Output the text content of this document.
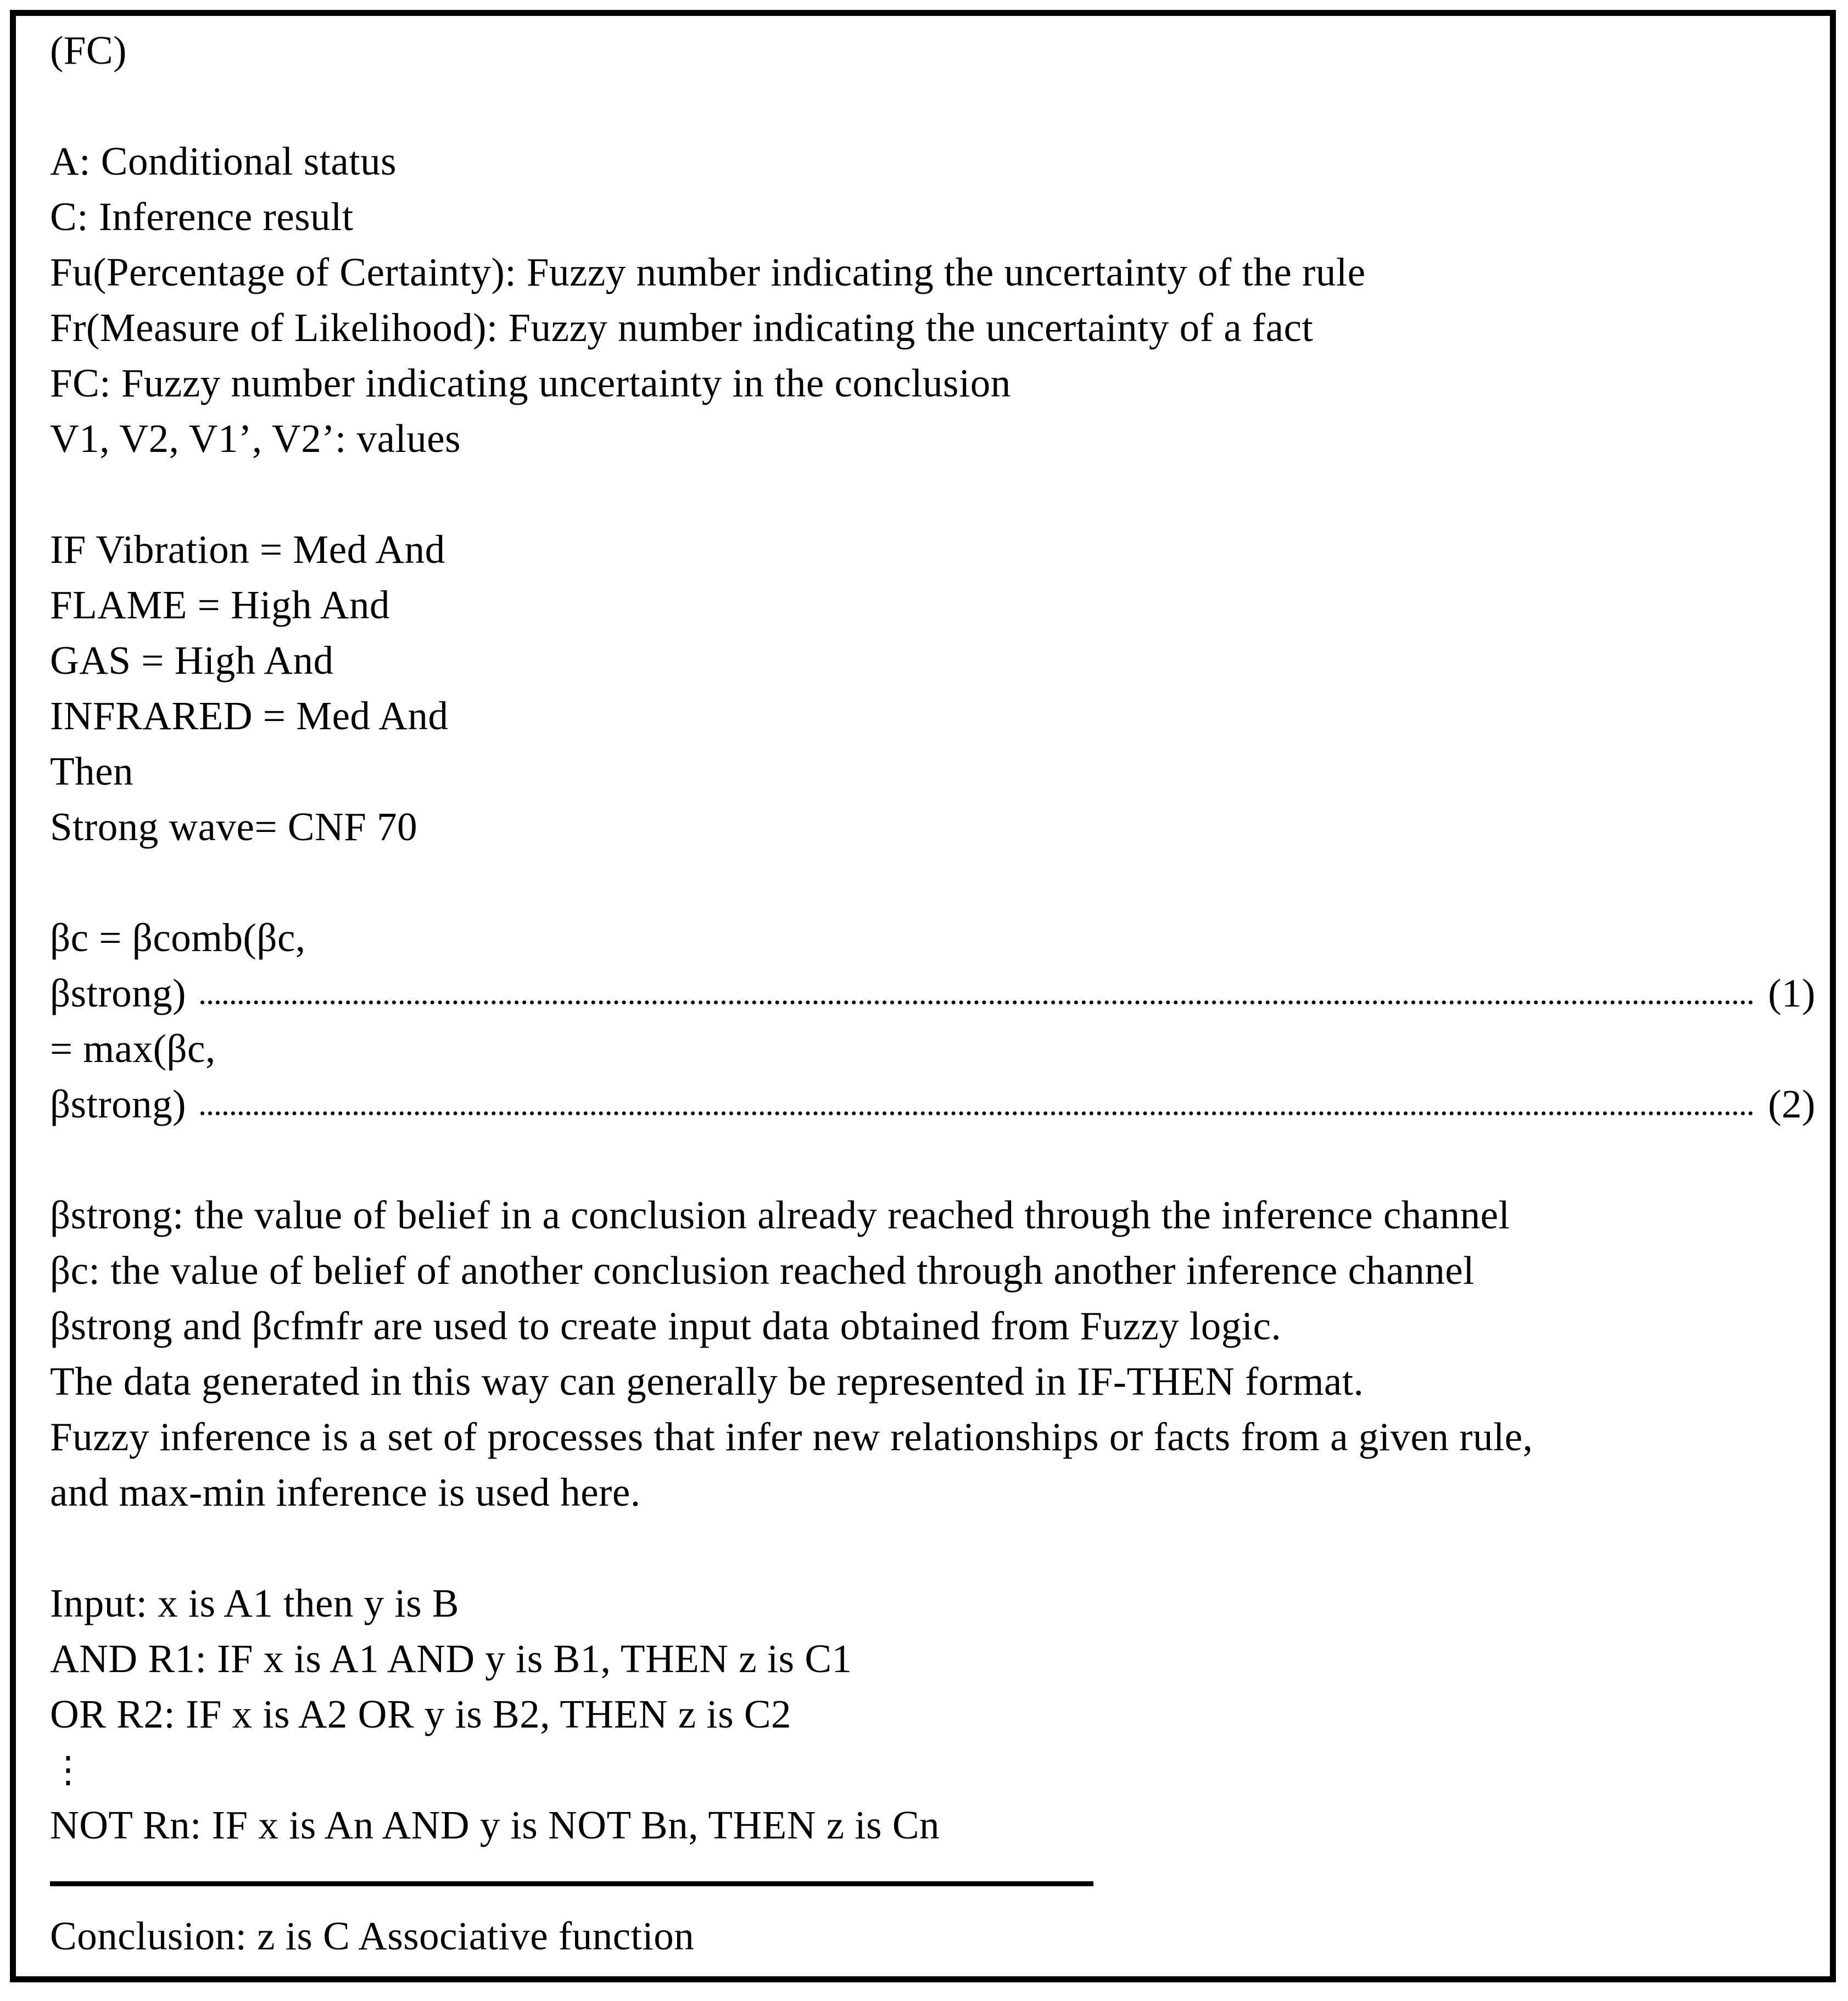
(FC)
A: Conditional status
C: Inference result
Fu(Percentage of Certainty): Fuzzy number indicating the uncertainty of the rule
Fr(Measure of Likelihood): Fuzzy number indicating the uncertainty of a fact
FC: Fuzzy number indicating uncertainty in the conclusion
V1, V2, V1’, V2’: values
IF Vibration = Med And
FLAME = High And
GAS = High And
INFRARED = Med And
Then
Strong wave= CNF 70
βc = βcomb(βc,
βstrong)	(1)
= max(βc,
βstrong)	(2)
βstrong: the value of belief in a conclusion already reached through the inference channel
βc: the value of belief of another conclusion reached through another inference channel
βstrong and βcfmfr are used to create input data obtained from Fuzzy logic.
The data generated in this way can generally be represented in IF-THEN format.
Fuzzy inference is a set of processes that infer new relationships or facts from a given rule,
and max-min inference is used here.
Input: x is A1 then y is B
AND R1: IF x is A1 AND y is B1, THEN z is C1
OR R2: IF x is A2 OR y is B2, THEN z is C2
⋮
NOT Rn: IF x is An AND y is NOT Bn, THEN z is Cn
Conclusion: z is C Associative function
